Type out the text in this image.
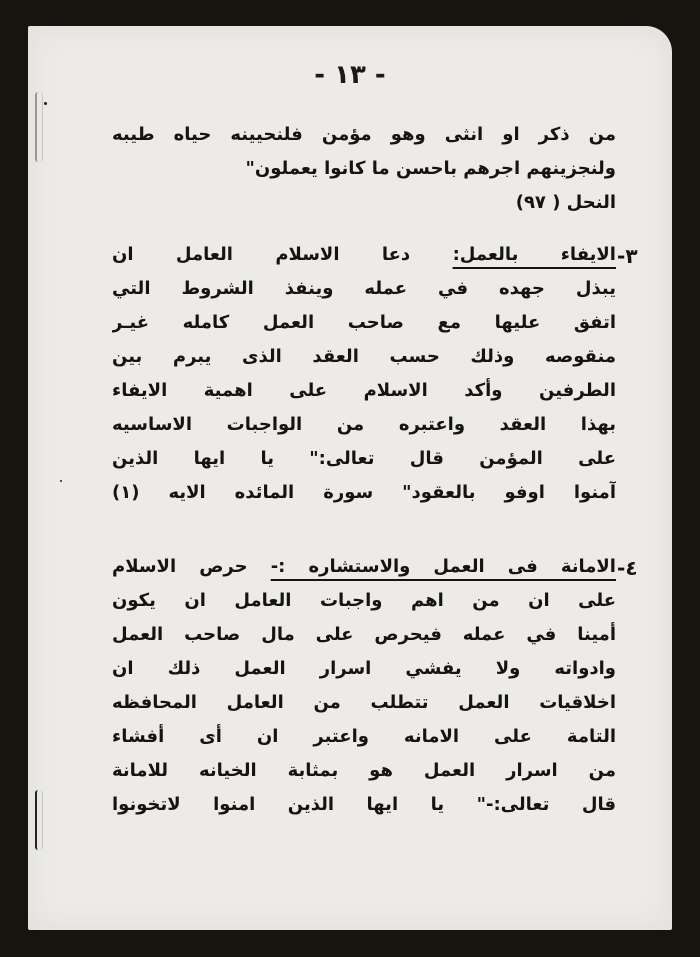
- ١٣ -
من ذكر او انثى وهو مؤمن فلنحيينه حياه طيبه
ولنجزينهم اجرهم باحسن ما كانوا يعملون"
النحل ( ٩٧)
-٣
الايفاء بالعمل: دعا الاسلام العامل ان
يبذل جهده في عمله وينفذ الشروط التي
اتفق عليها مع صاحب العمل كامله غيـر
منقوصه وذلك حسب العقد الذى يبرم بين
الطرفين وأكد الاسلام على اهمية الايفاء
بهذا العقد واعتبره من الواجبات الاساسيه
على المؤمن قال تعالى:" يا ايها الذين
آمنوا اوفو بالعقود" سورة المائده الايه (١)
-٤
الامانة فى العمل والاستشاره :- حرص الاسلام
على ان من اهم واجبات العامل ان يكون
أمينا في عمله فيحرص على مال صاحب العمل
وادواته ولا يفشي اسرار العمل ذلك ان
اخلاقيات العمل تتطلب من العامل المحافظه
التامة على الامانه واعتبر ان أى أفشاء
من اسرار العمل هو بمثابة الخيانه للامانة
قال تعالى:-" يا ايها الذين امنوا لاتخونوا
